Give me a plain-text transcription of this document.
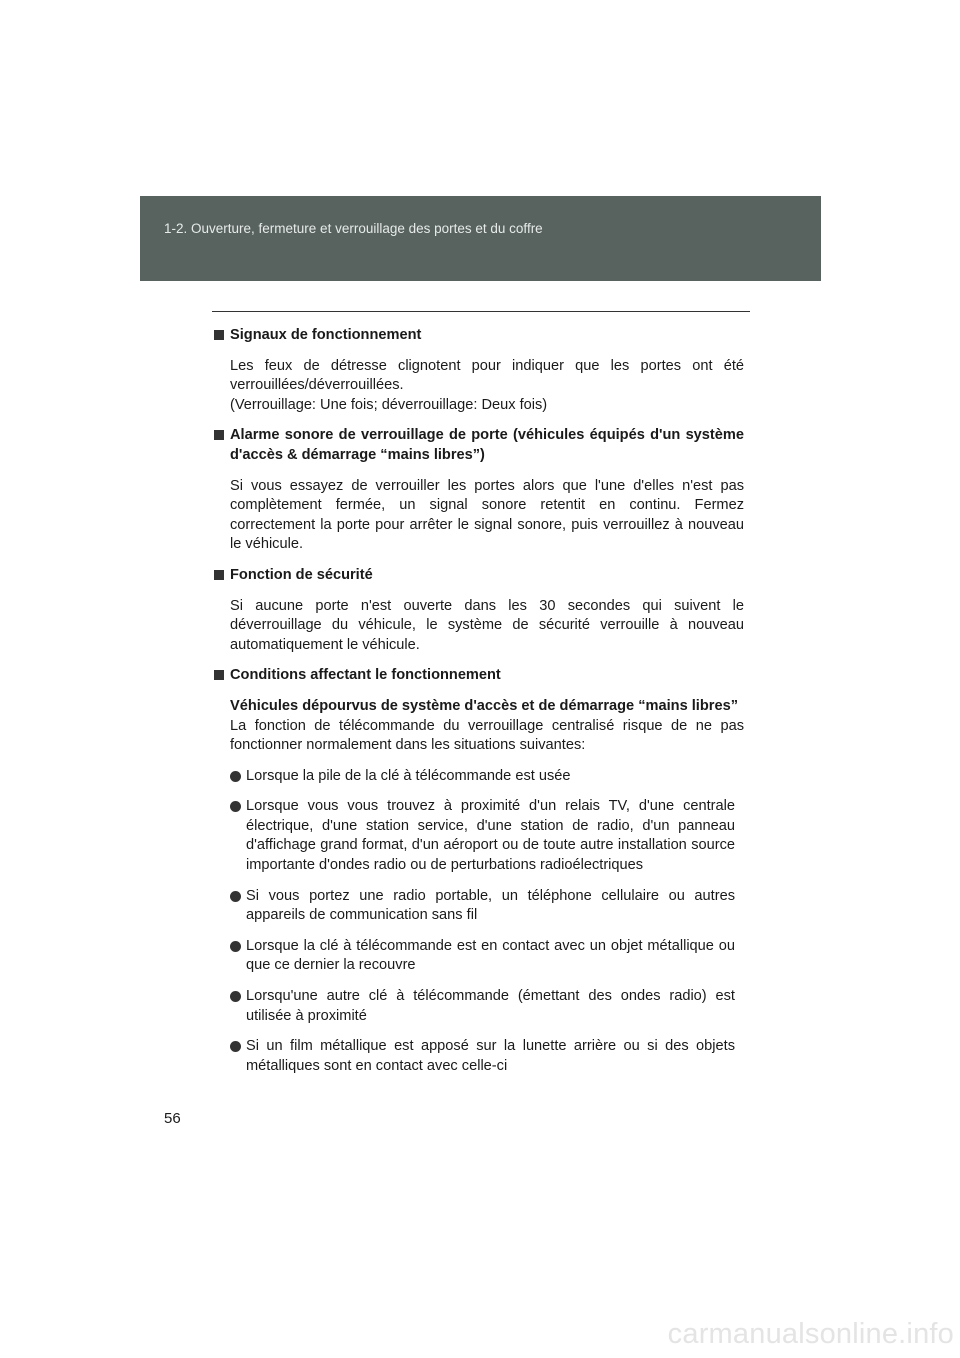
1-2. Ouverture, fermeture et verrouillage des portes et du coffre
Signaux de fonctionnement
Les feux de détresse clignotent pour indiquer que les portes ont été verrouillées/déverrouillées.
(Verrouillage: Une fois; déverrouillage: Deux fois)
Alarme sonore de verrouillage de porte (véhicules équipés d'un système d'accès & démarrage “mains libres”)
Si vous essayez de verrouiller les portes alors que l'une d'elles n'est pas complètement fermée, un signal sonore retentit en continu. Fermez correctement la porte pour arrêter le signal sonore, puis verrouillez à nouveau le véhicule.
Fonction de sécurité
Si aucune porte n'est ouverte dans les 30 secondes qui suivent le déverrouillage du véhicule, le système de sécurité verrouille à nouveau automatiquement le véhicule.
Conditions affectant le fonctionnement
Véhicules dépourvus de système d'accès et de démarrage “mains libres”
La fonction de télécommande du verrouillage centralisé risque de ne pas fonctionner normalement dans les situations suivantes:
Lorsque la pile de la clé à télécommande est usée
Lorsque vous vous trouvez à proximité d'un relais TV, d'une centrale électrique, d'une station service, d'une station de radio, d'un panneau d'affichage grand format, d'un aéroport ou de toute autre installation source importante d'ondes radio ou de perturbations radioélectriques
Si vous portez une radio portable, un téléphone cellulaire ou autres appareils de communication sans fil
Lorsque la clé à télécommande est en contact avec un objet métallique ou que ce dernier la recouvre
Lorsqu'une autre clé à télécommande (émettant des ondes radio) est utilisée à proximité
Si un film métallique est apposé sur la lunette arrière ou si des objets métalliques sont en contact avec celle-ci
56
carmanualsonline.info
